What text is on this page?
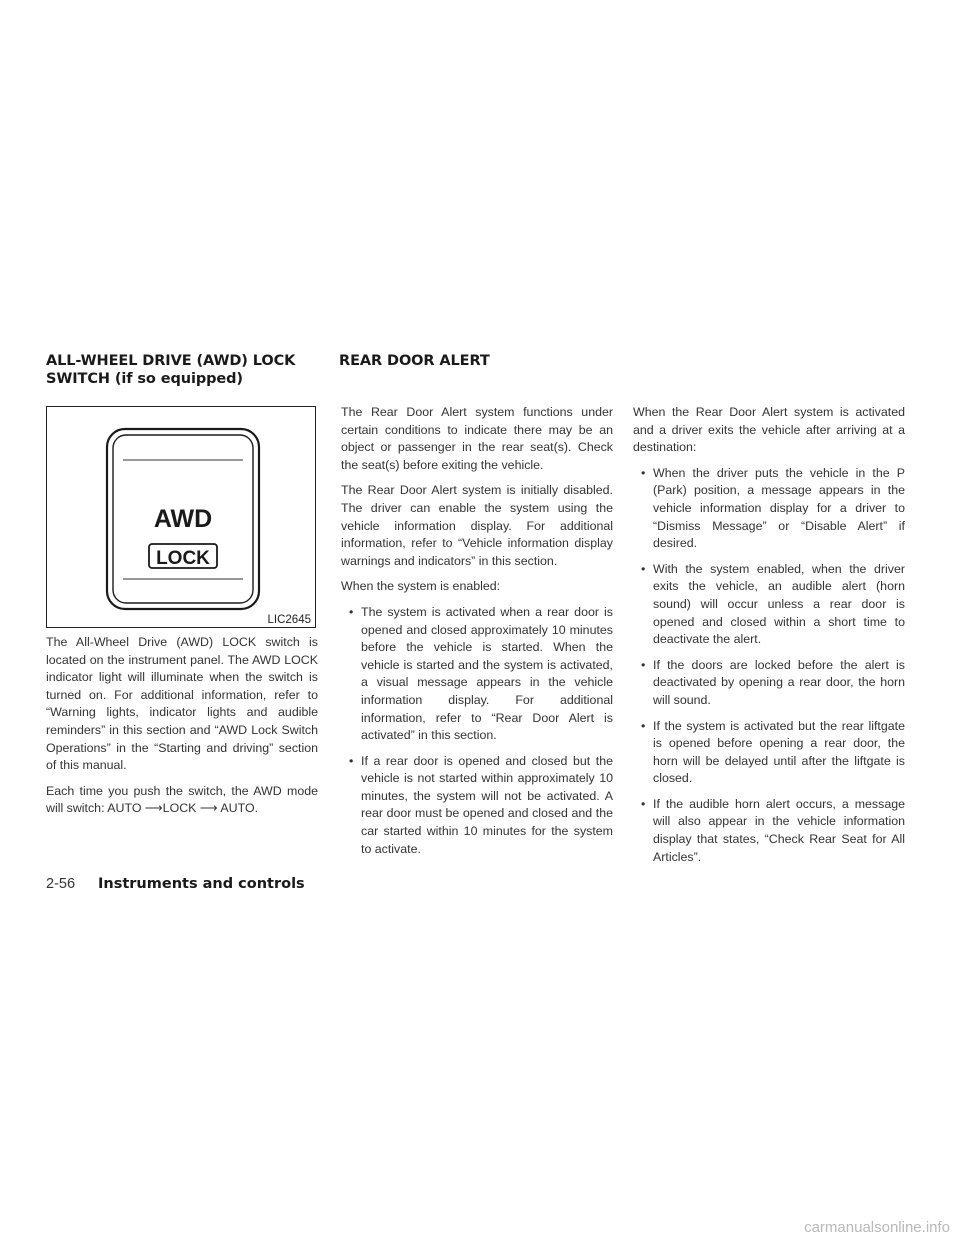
ALL-WHEEL DRIVE (AWD) LOCK
SWITCH (if so equipped)
REAR DOOR ALERT
AWD
LOCK
LIC2645

The All-Wheel Drive (AWD) LOCK switch is located on the instrument panel. The AWD LOCK indicator light will illuminate when the switch is turned on. For additional information, refer to “Warning lights, indicator lights and audible reminders” in this section and “AWD Lock Switch Operations” in the “Starting and driving” section of this manual.

Each time you push the switch, the AWD mode will switch: AUTO ⟶LOCK ⟶ AUTO.

The Rear Door Alert system functions under certain conditions to indicate there may be an object or passenger in the rear seat(s). Check the seat(s) before exiting the vehicle.

The Rear Door Alert system is initially disabled. The driver can enable the system using the vehicle information display. For additional information, refer to “Vehicle information display warnings and indicators” in this section.

When the system is enabled:

• The system is activated when a rear door is opened and closed approximately 10 minutes before the vehicle is started. When the vehicle is started and the system is activated, a visual message appears in the vehicle information display. For additional information, refer to “Rear Door Alert is activated” in this section.
• If a rear door is opened and closed but the vehicle is not started within approximately 10 minutes, the system will not be activated. A rear door must be opened and closed and the car started within 10 minutes for the system to activate.

When the Rear Door Alert system is activated and a driver exits the vehicle after arriving at a destination:

• When the driver puts the vehicle in the P (Park) position, a message appears in the vehicle information display for a driver to “Dismiss Message” or “Disable Alert” if desired.
• With the system enabled, when the driver exits the vehicle, an audible alert (horn sound) will occur unless a rear door is opened and closed within a short time to deactivate the alert.
• If the doors are locked before the alert is deactivated by opening a rear door, the horn will sound.
• If the system is activated but the rear liftgate is opened before opening a rear door, the horn will be delayed until after the liftgate is closed.
• If the audible horn alert occurs, a message will also appear in the vehicle information display that states, “Check Rear Seat for All Articles”.
2-56 Instruments and controls
carmanualsonline.info
